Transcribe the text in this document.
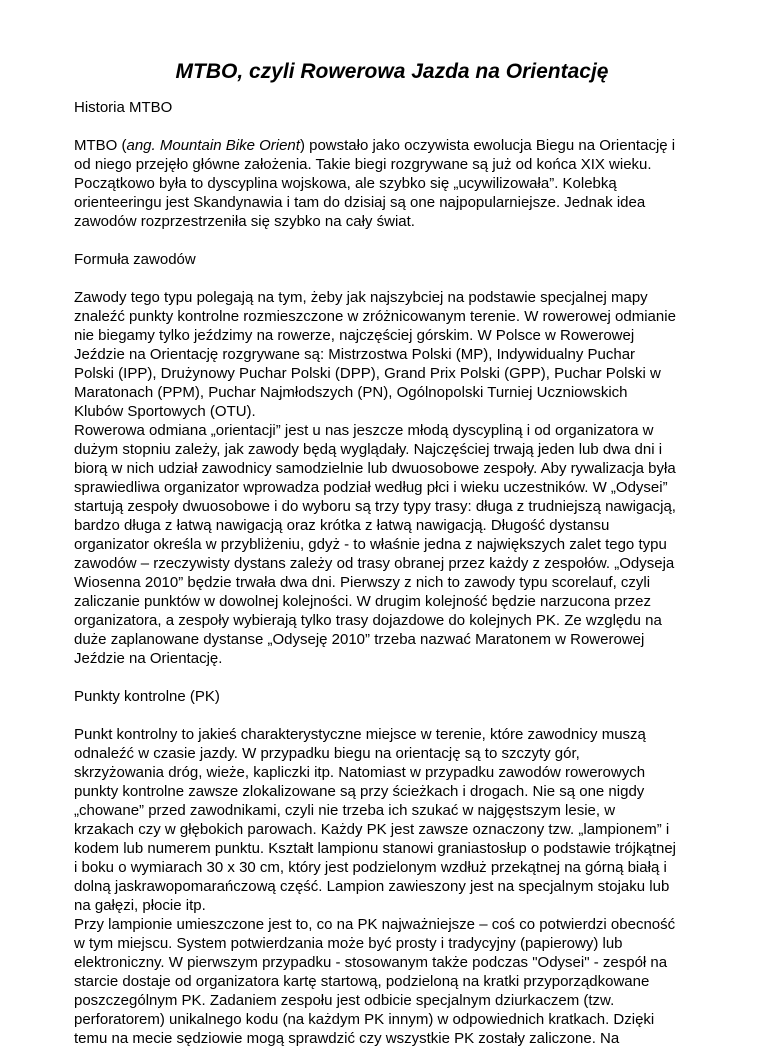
MTBO, czyli Rowerowa Jazda na Orientację
Historia MTBO

MTBO (ang. Mountain Bike Orient) powstało jako oczywista ewolucja Biegu na Orientację i
od niego przejęło główne założenia. Takie biegi rozgrywane są już od końca XIX wieku.
Początkowo była to dyscyplina wojskowa, ale szybko się „ucywilizowała”. Kolebką
orienteeringu jest Skandynawia i tam do dzisiaj są one najpopularniejsze. Jednak idea
zawodów rozprzestrzeniła się szybko na cały świat.

Formuła zawodów

Zawody tego typu polegają na tym, żeby jak najszybciej na podstawie specjalnej mapy
znaleźć punkty kontrolne rozmieszczone w zróżnicowanym terenie. W rowerowej odmianie
nie biegamy tylko jeździmy na rowerze, najczęściej górskim. W Polsce w Rowerowej
Jeździe na Orientację rozgrywane są: Mistrzostwa Polski (MP), Indywidualny Puchar
Polski (IPP), Drużynowy Puchar Polski (DPP), Grand Prix Polski (GPP), Puchar Polski w
Maratonach (PPM), Puchar Najmłodszych (PN), Ogólnopolski Turniej Uczniowskich
Klubów Sportowych (OTU).

Rowerowa odmiana „orientacji” jest u nas jeszcze młodą dyscypliną i od organizatora w
dużym stopniu zależy, jak zawody będą wyglądały. Najczęściej trwają jeden lub dwa dni i
biorą w nich udział zawodnicy samodzielnie lub dwuosobowe zespoły. Aby rywalizacja była
sprawiedliwa organizator wprowadza podział według płci i wieku uczestników. W „Odysei”
startują zespoły dwuosobowe i do wyboru są trzy typy trasy: długa z trudniejszą nawigacją,
bardzo długa z łatwą nawigacją oraz krótka z łatwą nawigacją. Długość dystansu
organizator określa w przybliżeniu, gdyż - to właśnie jedna z największych zalet tego typu
zawodów – rzeczywisty dystans zależy od trasy obranej przez każdy z zespołów. „Odyseja
Wiosenna 2010” będzie trwała dwa dni. Pierwszy z nich to zawody typu scorelauf, czyli
zaliczanie punktów w dowolnej kolejności. W drugim kolejność będzie narzucona przez
organizatora, a zespoły wybierają tylko trasy dojazdowe do kolejnych PK. Ze względu na
duże zaplanowane dystanse „Odyseję 2010” trzeba nazwać Maratonem w Rowerowej
Jeździe na Orientację.

Punkty kontrolne (PK)

Punkt kontrolny to jakieś charakterystyczne miejsce w terenie, które zawodnicy muszą
odnaleźć w czasie jazdy. W przypadku biegu na orientację są to szczyty gór,
skrzyżowania dróg, wieże, kapliczki itp. Natomiast w przypadku zawodów rowerowych
punkty kontrolne zawsze zlokalizowane są przy ścieżkach i drogach. Nie są one nigdy
„chowane” przed zawodnikami, czyli nie trzeba ich szukać w najgęstszym lesie, w
krzakach czy w głębokich parowach. Każdy PK jest zawsze oznaczony tzw. „lampionem” i
kodem lub numerem punktu. Kształt lampionu stanowi graniastosłup o podstawie trójkątnej
i boku o wymiarach 30 x 30 cm, który jest podzielonym wzdłuż przekątnej na górną białą i
dolną jaskrawopomarańczową część. Lampion zawieszony jest na specjalnym stojaku lub
na gałęzi, płocie itp.

Przy lampionie umieszczone jest to, co na PK najważniejsze – coś co potwierdzi obecność
w tym miejscu. System potwierdzania może być prosty i tradycyjny (papierowy) lub
elektroniczny. W pierwszym przypadku - stosowanym także podczas "Odysei" - zespół na
starcie dostaje od organizatora kartę startową, podzieloną na kratki przyporządkowane
poszczególnym PK. Zadaniem zespołu jest odbicie specjalnym dziurkaczem (tzw.
perforatorem) unikalnego kodu (na każdym PK innym) w odpowiednich kratkach. Dzięki
temu na mecie sędziowie mogą sprawdzić czy wszystkie PK zostały zaliczone. Na
